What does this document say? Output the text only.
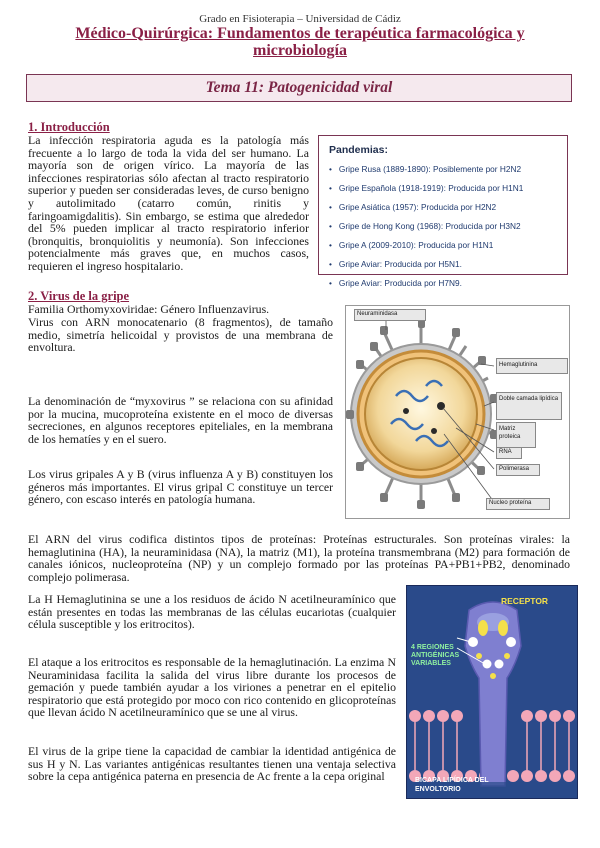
Grado en Fisioterapia – Universidad de Cádiz
Médico-Quirúrgica: Fundamentos de terapéutica farmacológica y microbiología
Tema 11: Patogenicidad viral
1. Introducción

La infección respiratoria aguda es la patología más frecuente a lo largo de toda la vida del ser humano. La mayoría son de origen vírico. La mayoría de las infecciones respiratorias sólo afectan al tracto respiratorio superior y pueden ser consideradas leves, de curso benigno y autolimitado (catarro común, rinitis y faringoamigdalitis). Sin embargo, se estima que alrededor del 5% pueden implicar al tracto respiratorio inferior (bronquitis, bronquiolitis y neumonía). Son infecciones potencialmente más graves que, en muchos casos, requieren el ingreso hospitalario.

Pandemias:
• Gripe Rusa (1889-1890): Posiblemente por H2N2
• Gripe Española (1918-1919): Producida por H1N1
• Gripe Asiática (1957): Producida por H2N2
• Gripe de Hong Kong (1968): Producida por H3N2
• Gripe A (2009-2010): Producida por H1N1
• Gripe Aviar: Producida por H5N1.
• Gripe Aviar: Producida por H7N9.
2. Virus de la gripe

Familia Orthomyxoviridae: Género Influenzavirus.

Virus con ARN monocatenario (8 fragmentos), de tamaño medio, simetría helicoidal y provistos de una membrana de envoltura.

La denominación de “myxovirus ” se relaciona con su afinidad por la mucina, mucoproteína existente en el moco de diversas secreciones, en algunos receptores epiteliales, en la membrana de los hematíes y en el suero.

Los virus gripales A y B (virus influenza A y B) constituyen los géneros más importantes. El virus gripal C constituye un tercer género, con escaso interés en patología humana.

Neuraminidasa
Hemaglutinina
Doble camada lipídica
Matriz proteica
RNA
Polimerasa
Nucleo proteína

El ARN del virus codifica distintos tipos de proteínas: Proteínas estructurales. Son proteínas virales: la hemaglutinina (HA), la neuraminidasa (NA), la matriz (M1), la proteína transmembrana (M2) para formación de canales iónicos, nucleoproteína (NP) y un complejo formado por las proteínas PA+PB1+PB2, denominado complejo polimerasa.

La H Hemaglutinina se une a los residuos de ácido N acetilneuramínico que están presentes en todas las membranas de las células eucariotas (cualquier célula susceptible y los eritrocitos).

El ataque a los eritrocitos es responsable de la hemaglutinación. La enzima N Neuraminidasa facilita la salida del virus libre durante los procesos de gemación y puede también ayudar a los viriones a penetrar en el epitelio respiratorio que está protegido por moco con rico contenido en glicoproteínas que llevan ácido N acetilneuramínico que se une al virus.

El virus de la gripe tiene la capacidad de cambiar la identidad antigénica de sus H y N. Las variantes antigénicas resultantes tienen una ventaja selectiva sobre la cepa antigénica paterna en presencia de Ac frente a la cepa original

RECEPTOR
4 REGIONES ANTIGÉNICAS VARIABLES
BICAPA LIPÍDICA DEL ENVOLTORIO
